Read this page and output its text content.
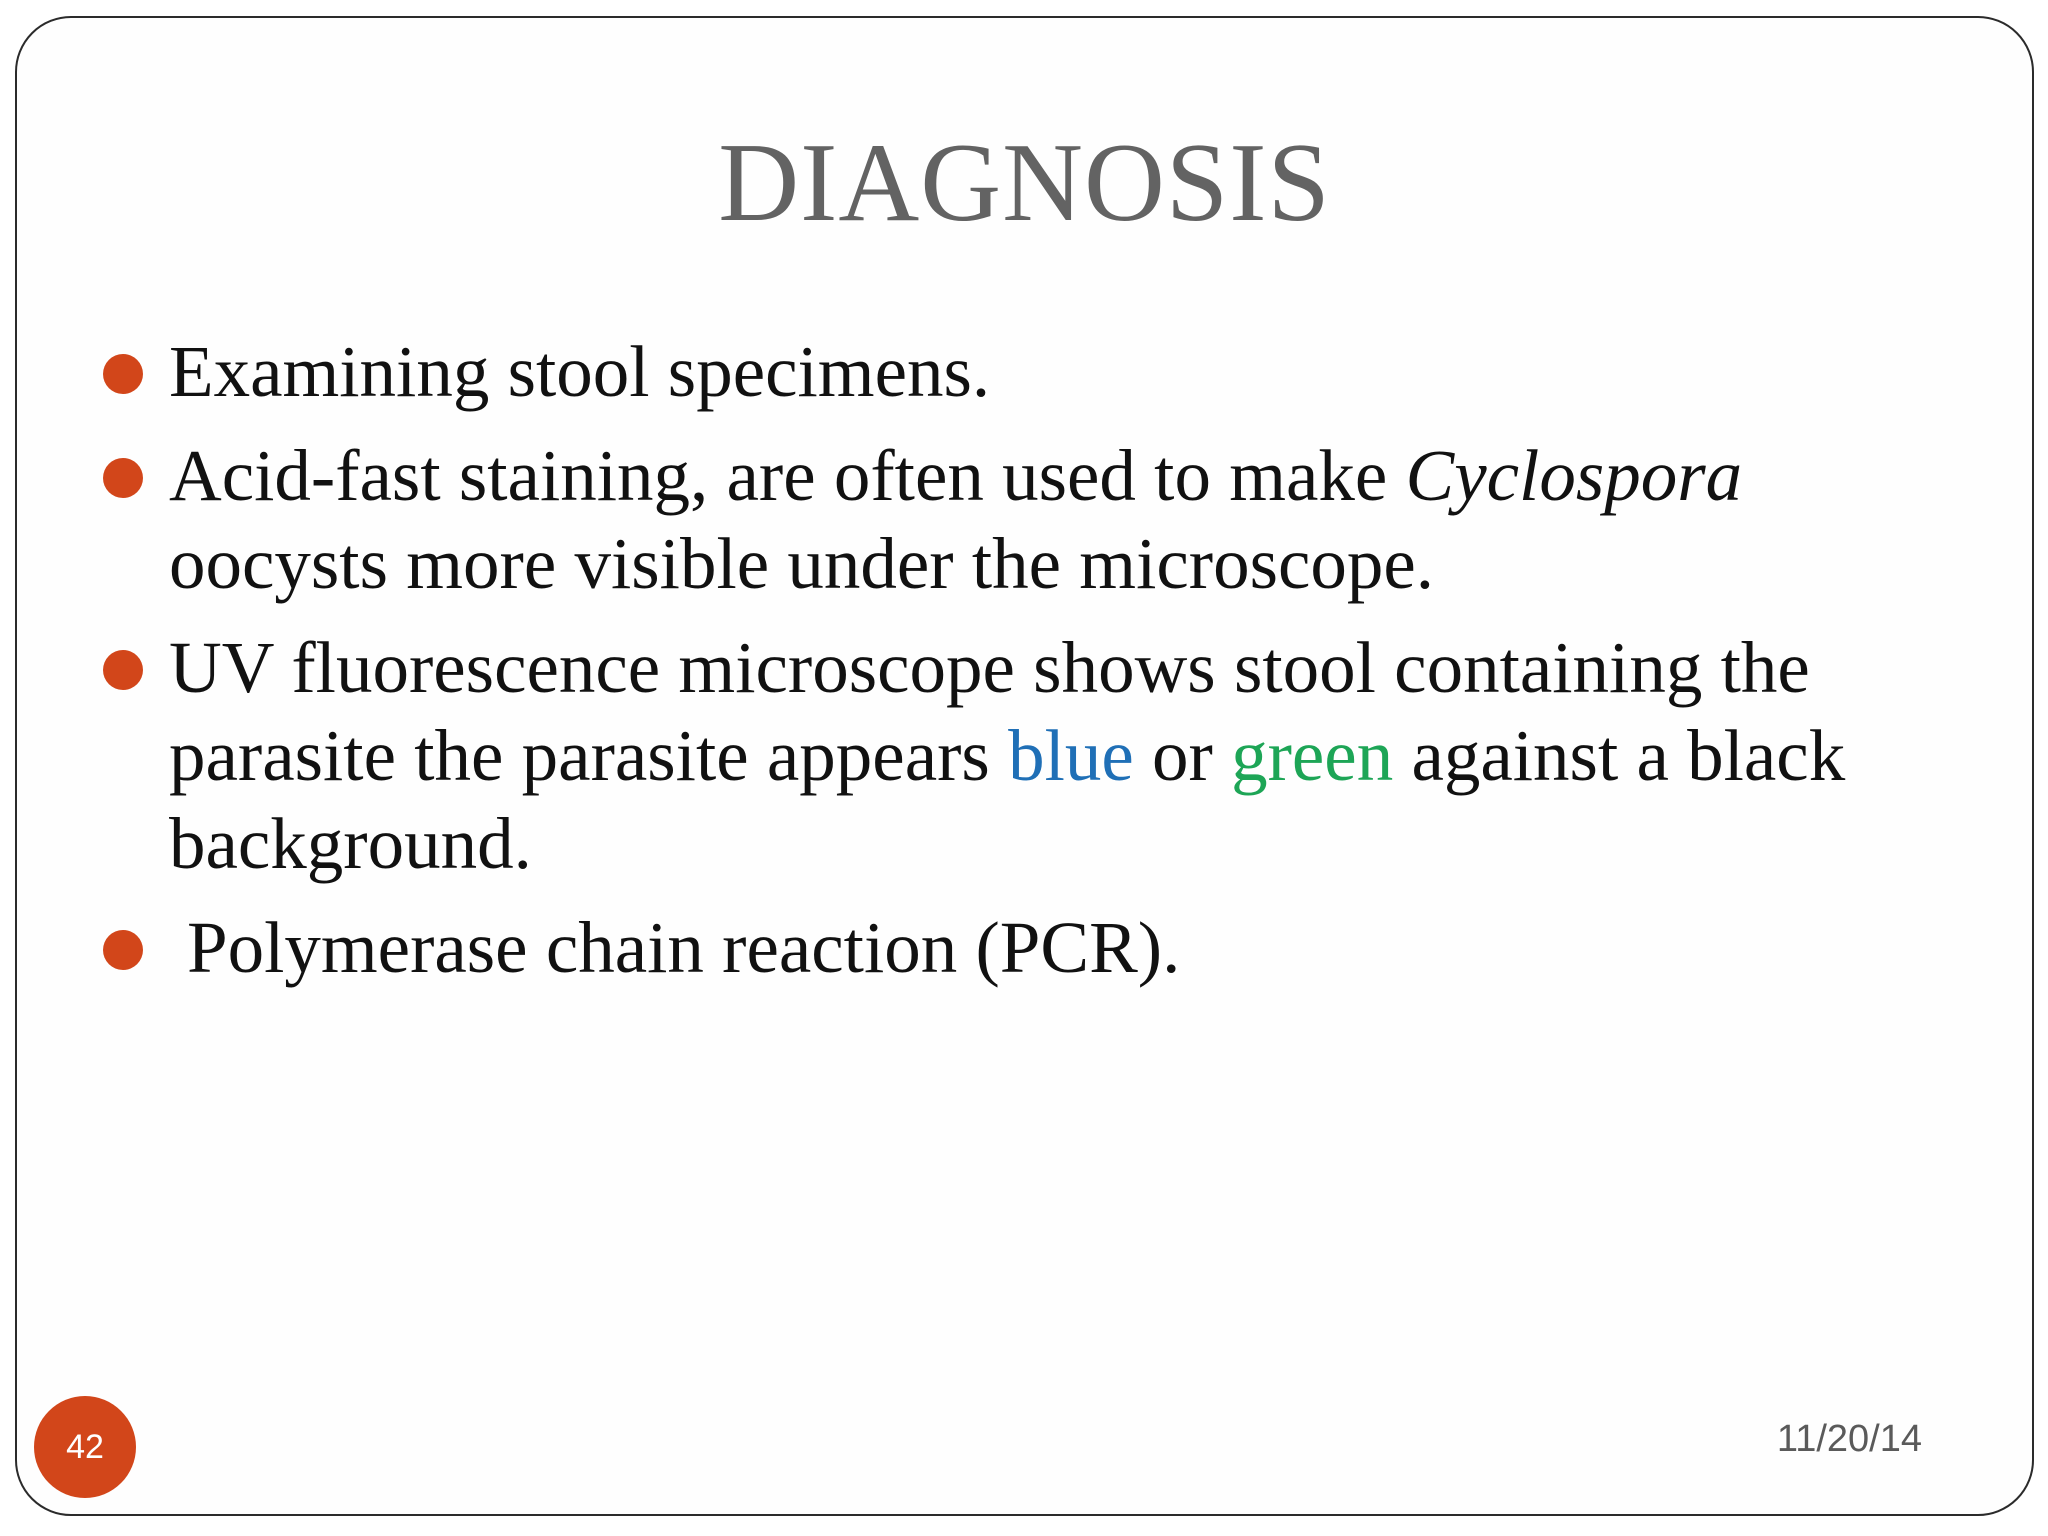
DIAGNOSIS
Examining stool specimens.
Acid-fast staining, are often used to make Cyclospora oocysts more visible under the microscope.
UV fluorescence microscope shows stool containing the parasite the parasite appears blue or green against a black background.
Polymerase chain reaction (PCR).
42	11/20/14
